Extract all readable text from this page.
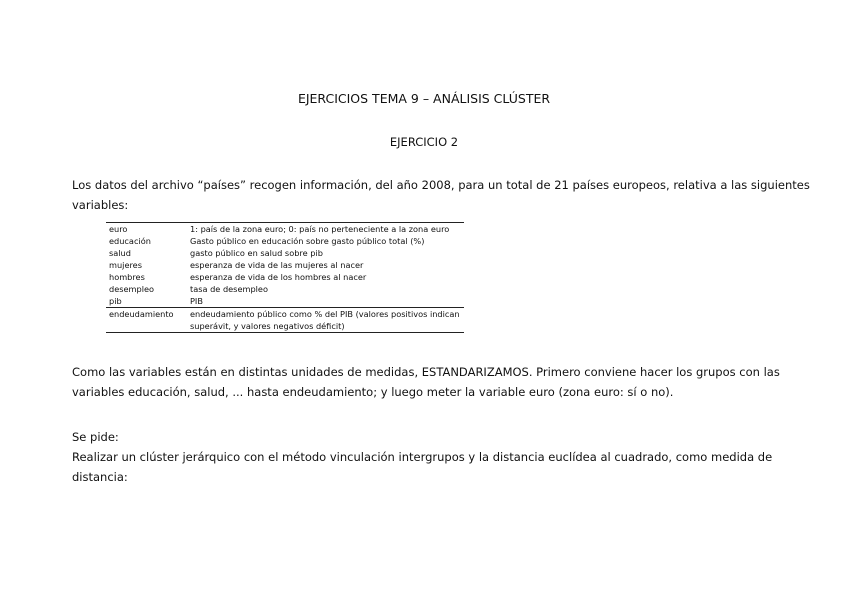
EJERCICIOS TEMA 9 – ANÁLISIS CLÚSTER
EJERCICIO 2
Los datos del archivo “países” recogen información, del año 2008, para un total de 21 países europeos, relativa a las siguientes
variables:
euro	1: país de la zona euro; 0: país no perteneciente a la zona euro
educación	Gasto público en educación sobre gasto público total (%)
salud	gasto público en salud sobre pib
mujeres	esperanza de vida de las mujeres al nacer
hombres	esperanza de vida de los hombres al nacer
desempleo	tasa de desempleo
pib	PIB
endeudamiento	endeudamiento público como % del PIB (valores positivos indican superávit, y valores negativos déficit)
Como las variables están en distintas unidades de medidas, ESTANDARIZAMOS. Primero conviene hacer los grupos con las
variables educación, salud, ... hasta endeudamiento; y luego meter la variable euro (zona euro: sí o no).
Se pide:
Realizar un clúster jerárquico con el método vinculación intergrupos y la distancia euclídea al cuadrado, como medida de
distancia:
